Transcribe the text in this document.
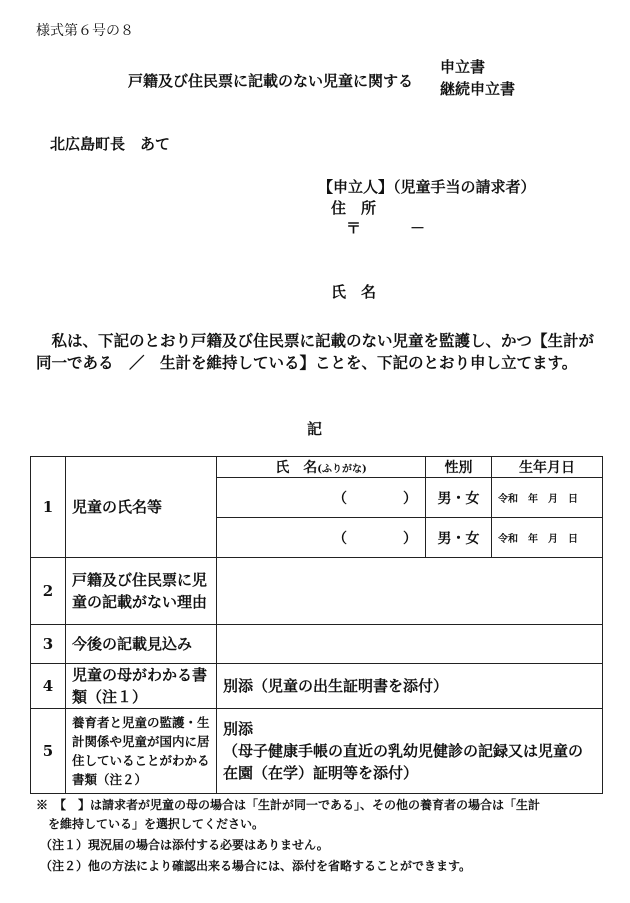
様式第６号の８
戸籍及び住民票に記載のない児童に関する
申立書
継続申立書
北広島町長　あて
【申立人】（児童手当の請求者）
住　所
〒	－
氏　名
　私は、下記のとおり戸籍及び住民票に記載のない児童を監護し、かつ【生計が同一である　／　生計を維持している】ことを、下記のとおり申し立てます。
記
1	児童の氏名等	氏　名(ふりがな)	性別	生年月日
		（　　　　）	男・女	令和　年　月　日
		（　　　　）	男・女	令和　年　月　日
2	戸籍及び住民票に児童の記載がない理由			
3	今後の記載見込み			
4	児童の母がわかる書類（注１）	別添（児童の出生証明書を添付）		
5	養育者と児童の監護・生計関係や児童が国内に居住していることがわかる書類（注２）	別添
（母子健康手帳の直近の乳幼児健診の記録又は児童の在園（在学）証明等を添付）		
※　【　】は請求者が児童の母の場合は「生計が同一である」、その他の養育者の場合は「生計
を維持している」を選択してください。
（注１）現況届の場合は添付する必要はありません。
（注２）他の方法により確認出来る場合には、添付を省略することができます。
